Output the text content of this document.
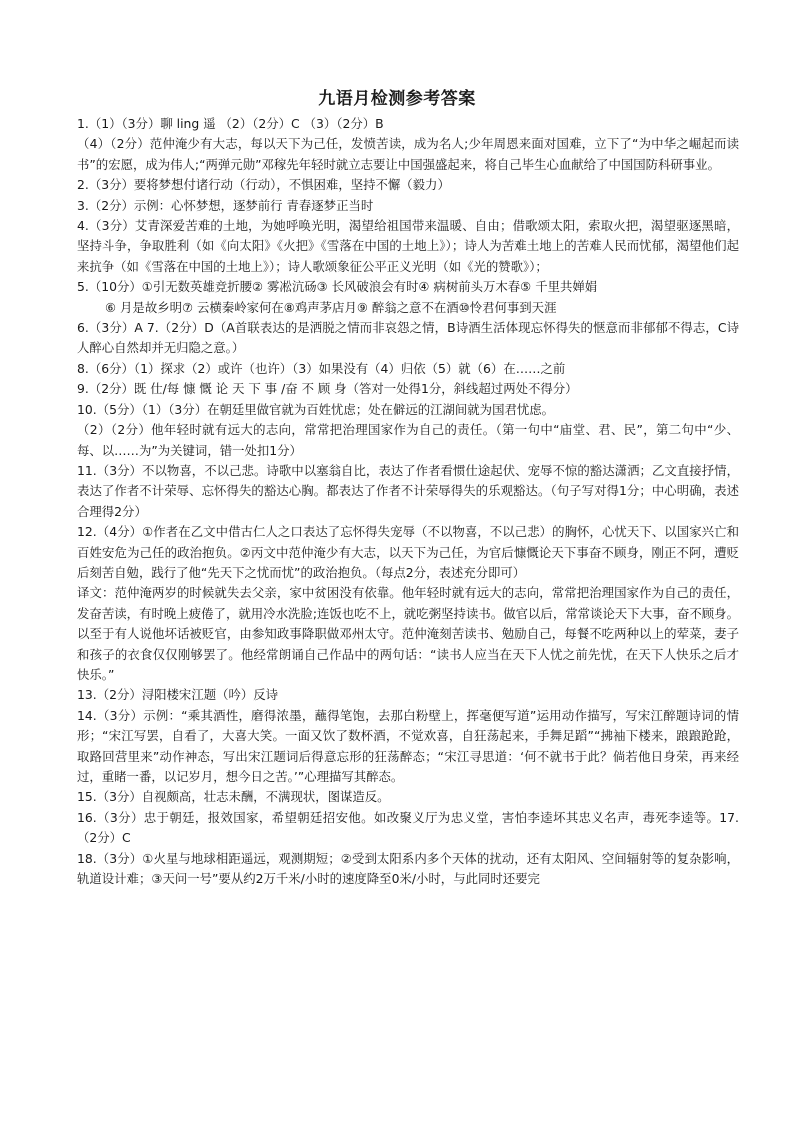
九语月检测参考答案

1.（1）（3分）聊 ling 遥 （2）（2分）C （3）（2分）B

（4）（2分）范仲淹少有大志，每以天下为己任，发愤苦读，成为名人;少年周恩来面对国难，立下了“为中华之崛起而读书”的宏愿，成为伟人;“两弹元勋”邓稼先年轻时就立志要让中国强盛起来，将自己毕生心血献给了中国国防科研事业。

2.（3分）要将梦想付诸行动（行动），不惧困难，坚持不懈（毅力）

3.（2分）示例：心怀梦想，逐梦前行 青春逐梦正当时

4.（3分）艾青深爱苦难的土地，为她呼唤光明，渴望给祖国带来温暖、自由；借歌颂太阳，索取火把，渴望驱逐黑暗，坚持斗争，争取胜利（如《向太阳》《火把》《雪落在中国的土地上》）；诗人为苦难土地上的苦难人民而忧郁，渴望他们起来抗争（如《雪落在中国的土地上》）；诗人歌颂象征公平正义光明（如《光的赞歌》）；

5.（10分）①引无数英雄竞折腰② 雾凇沆砀③ 长风破浪会有时④ 病树前头万木春⑤ 千里共婵娟

⑥ 月是故乡明⑦ 云横秦岭家何在⑧鸡声茅店月⑨ 醉翁之意不在酒⑩怜君何事到天涯

6.（3分）A 7.（2分）D（A首联表达的是洒脱之情而非哀怨之情，B诗酒生活体现忘怀得失的惬意而非郁郁不得志，C诗人醉心自然却并无归隐之意。）

8.（6分）（1）探求（2）或许（也许）（3）如果没有（4）归依（5）就（6）在……之前

9.（2分）既 仕/每 慷 慨 论 天 下 事 /奋 不 顾 身（答对一处得1分，斜线超过两处不得分）

10.（5分）（1）（3分）在朝廷里做官就为百姓忧虑；处在僻远的江湖间就为国君忧虑。

（2）（2分）他年轻时就有远大的志向，常常把治理国家作为自己的责任。（第一句中“庙堂、君、民”，第二句中“少、每、以……为”为关键词，错一处扣1分）

11.（3分）不以物喜，不以己悲。诗歌中以塞翁自比，表达了作者看惯仕途起伏、宠辱不惊的豁达潇洒；乙文直接抒情，表达了作者不计荣辱、忘怀得失的豁达心胸。都表达了作者不计荣辱得失的乐观豁达。（句子写对得1分；中心明确，表述合理得2分）

12.（4分）①作者在乙文中借古仁人之口表达了忘怀得失宠辱（不以物喜，不以己悲）的胸怀，心忧天下、以国家兴亡和百姓安危为己任的政治抱负。②丙文中范仲淹少有大志，以天下为己任，为官后慷慨论天下事奋不顾身，刚正不阿，遭贬后刻苦自勉，践行了他“先天下之忧而忧”的政治抱负。（每点2分，表述充分即可）

译文：范仲淹两岁的时候就失去父亲，家中贫困没有依靠。他年轻时就有远大的志向，常常把治理国家作为自己的责任，发奋苦读，有时晚上疲倦了，就用冷水洗脸;连饭也吃不上，就吃粥坚持读书。做官以后，常常谈论天下大事，奋不顾身。以至于有人说他坏话被贬官，由参知政事降职做邓州太守。范仲淹刻苦读书、勉励自己，每餐不吃两种以上的荤菜，妻子和孩子的衣食仅仅刚够罢了。他经常朗诵自己作品中的两句话：“读书人应当在天下人忧之前先忧，在天下人快乐之后才快乐。”

13.（2分）浔阳楼宋江题（吟）反诗

14.（3分）示例：“乘其酒性，磨得浓墨，蘸得笔饱，去那白粉壁上，挥毫便写道”运用动作描写，写宋江醉题诗词的情形；“宋江写罢，自看了，大喜大笑。一面又饮了数杯酒，不觉欢喜，自狂荡起来，手舞足蹈”“拂袖下楼来，踉踉跄跄，取路回营里来”动作神态，写出宋江题词后得意忘形的狂荡醉态；“宋江寻思道：‘何不就书于此？倘若他日身荣，再来经过，重睹一番，以记岁月，想今日之苦。’”心理描写其醉态。

15.（3分）自视颇高，壮志未酬，不满现状，图谋造反。

16.（3分）忠于朝廷，报效国家，希望朝廷招安他。如改聚义厅为忠义堂，害怕李逵坏其忠义名声，毒死李逵等。17.（2分）C

18.（3分）①火星与地球相距遥远，观测期短；②受到太阳系内多个天体的扰动，还有太阳风、空间辐射等的复杂影响，轨道设计难；③天问一号”要从约2万千米/小时的速度降至0米/小时，与此同时还要完
